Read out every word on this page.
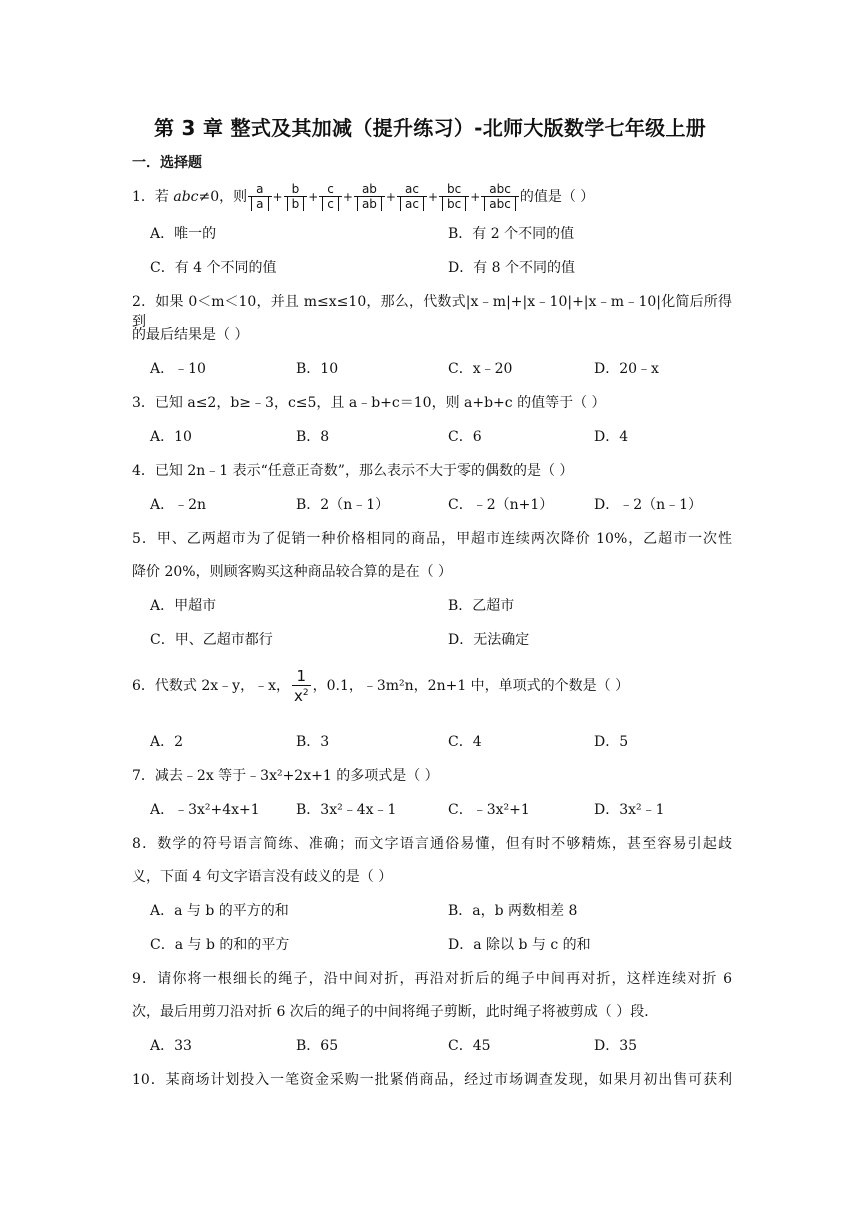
第 3 章 整式及其加减（提升练习）-北师大版数学七年级上册
一．选择题
1．若 abc≠0，则 $\frac{a}{a} + \frac{b}{b} + \frac{c}{c} + \frac{ab}{ab} + \frac{ac}{ac} + \frac{bc}{bc} + \frac{\text{abc}}{\text{abc}}$ 的值是（ ）
A．唯一的	B．有 2 个不同的值
C．有 4 个不同的值	D．有 8 个不同的值
2．如果 0＜m＜10，并且 m≤x≤10，那么，代数式|x﹣m|+|x﹣10|+|x﹣m﹣10|化简后所得到
的最后结果是（ ）
A．﹣10	B．10	C．x﹣20	D．20﹣x
3．已知 a≤2，b≥﹣3，c≤5，且 a﹣b+c＝10，则 a+b+c 的值等于（ ）
A．10	B．8	C．6	D．4
4．已知 2n﹣1 表示“任意正奇数”，那么表示不大于零的偶数的是（ ）
A．﹣2n	B．2（n﹣1）	C．﹣2（n+1）	D．﹣2（n﹣1）
5．甲、乙两超市为了促销一种价格相同的商品，甲超市连续两次降价 10%，乙超市一次性
降价 20%，则顾客购买这种商品较合算的是在（ ）
A．甲超市	B．乙超市
C．甲、乙超市都行	D．无法确定
6．代数式 2x﹣y，﹣x， $\frac{1}{x^2}$ ，0.1，﹣3m²n，2n+1 中，单项式的个数是（ ）
A．2	B．3	C．4	D．5
7．减去﹣2x 等于﹣3x²+2x+1 的多项式是（ ）
A．﹣3x²+4x+1	B．3x²﹣4x﹣1	C．﹣3x²+1	D．3x²﹣1
8．数学的符号语言简练、准确；而文字语言通俗易懂，但有时不够精炼，甚至容易引起歧
义，下面 4 句文字语言没有歧义的是（ ）
A．a 与 b 的平方的和	B．a，b 两数相差 8
C．a 与 b 的和的平方	D．a 除以 b 与 c 的和
9．请你将一根细长的绳子，沿中间对折，再沿对折后的绳子中间再对折，这样连续对折 6
次，最后用剪刀沿对折 6 次后的绳子的中间将绳子剪断，此时绳子将被剪成（ ）段．
A．33	B．65	C．45	D．35
10．某商场计划投入一笔资金采购一批紧俏商品，经过市场调查发现，如果月初出售可获利
